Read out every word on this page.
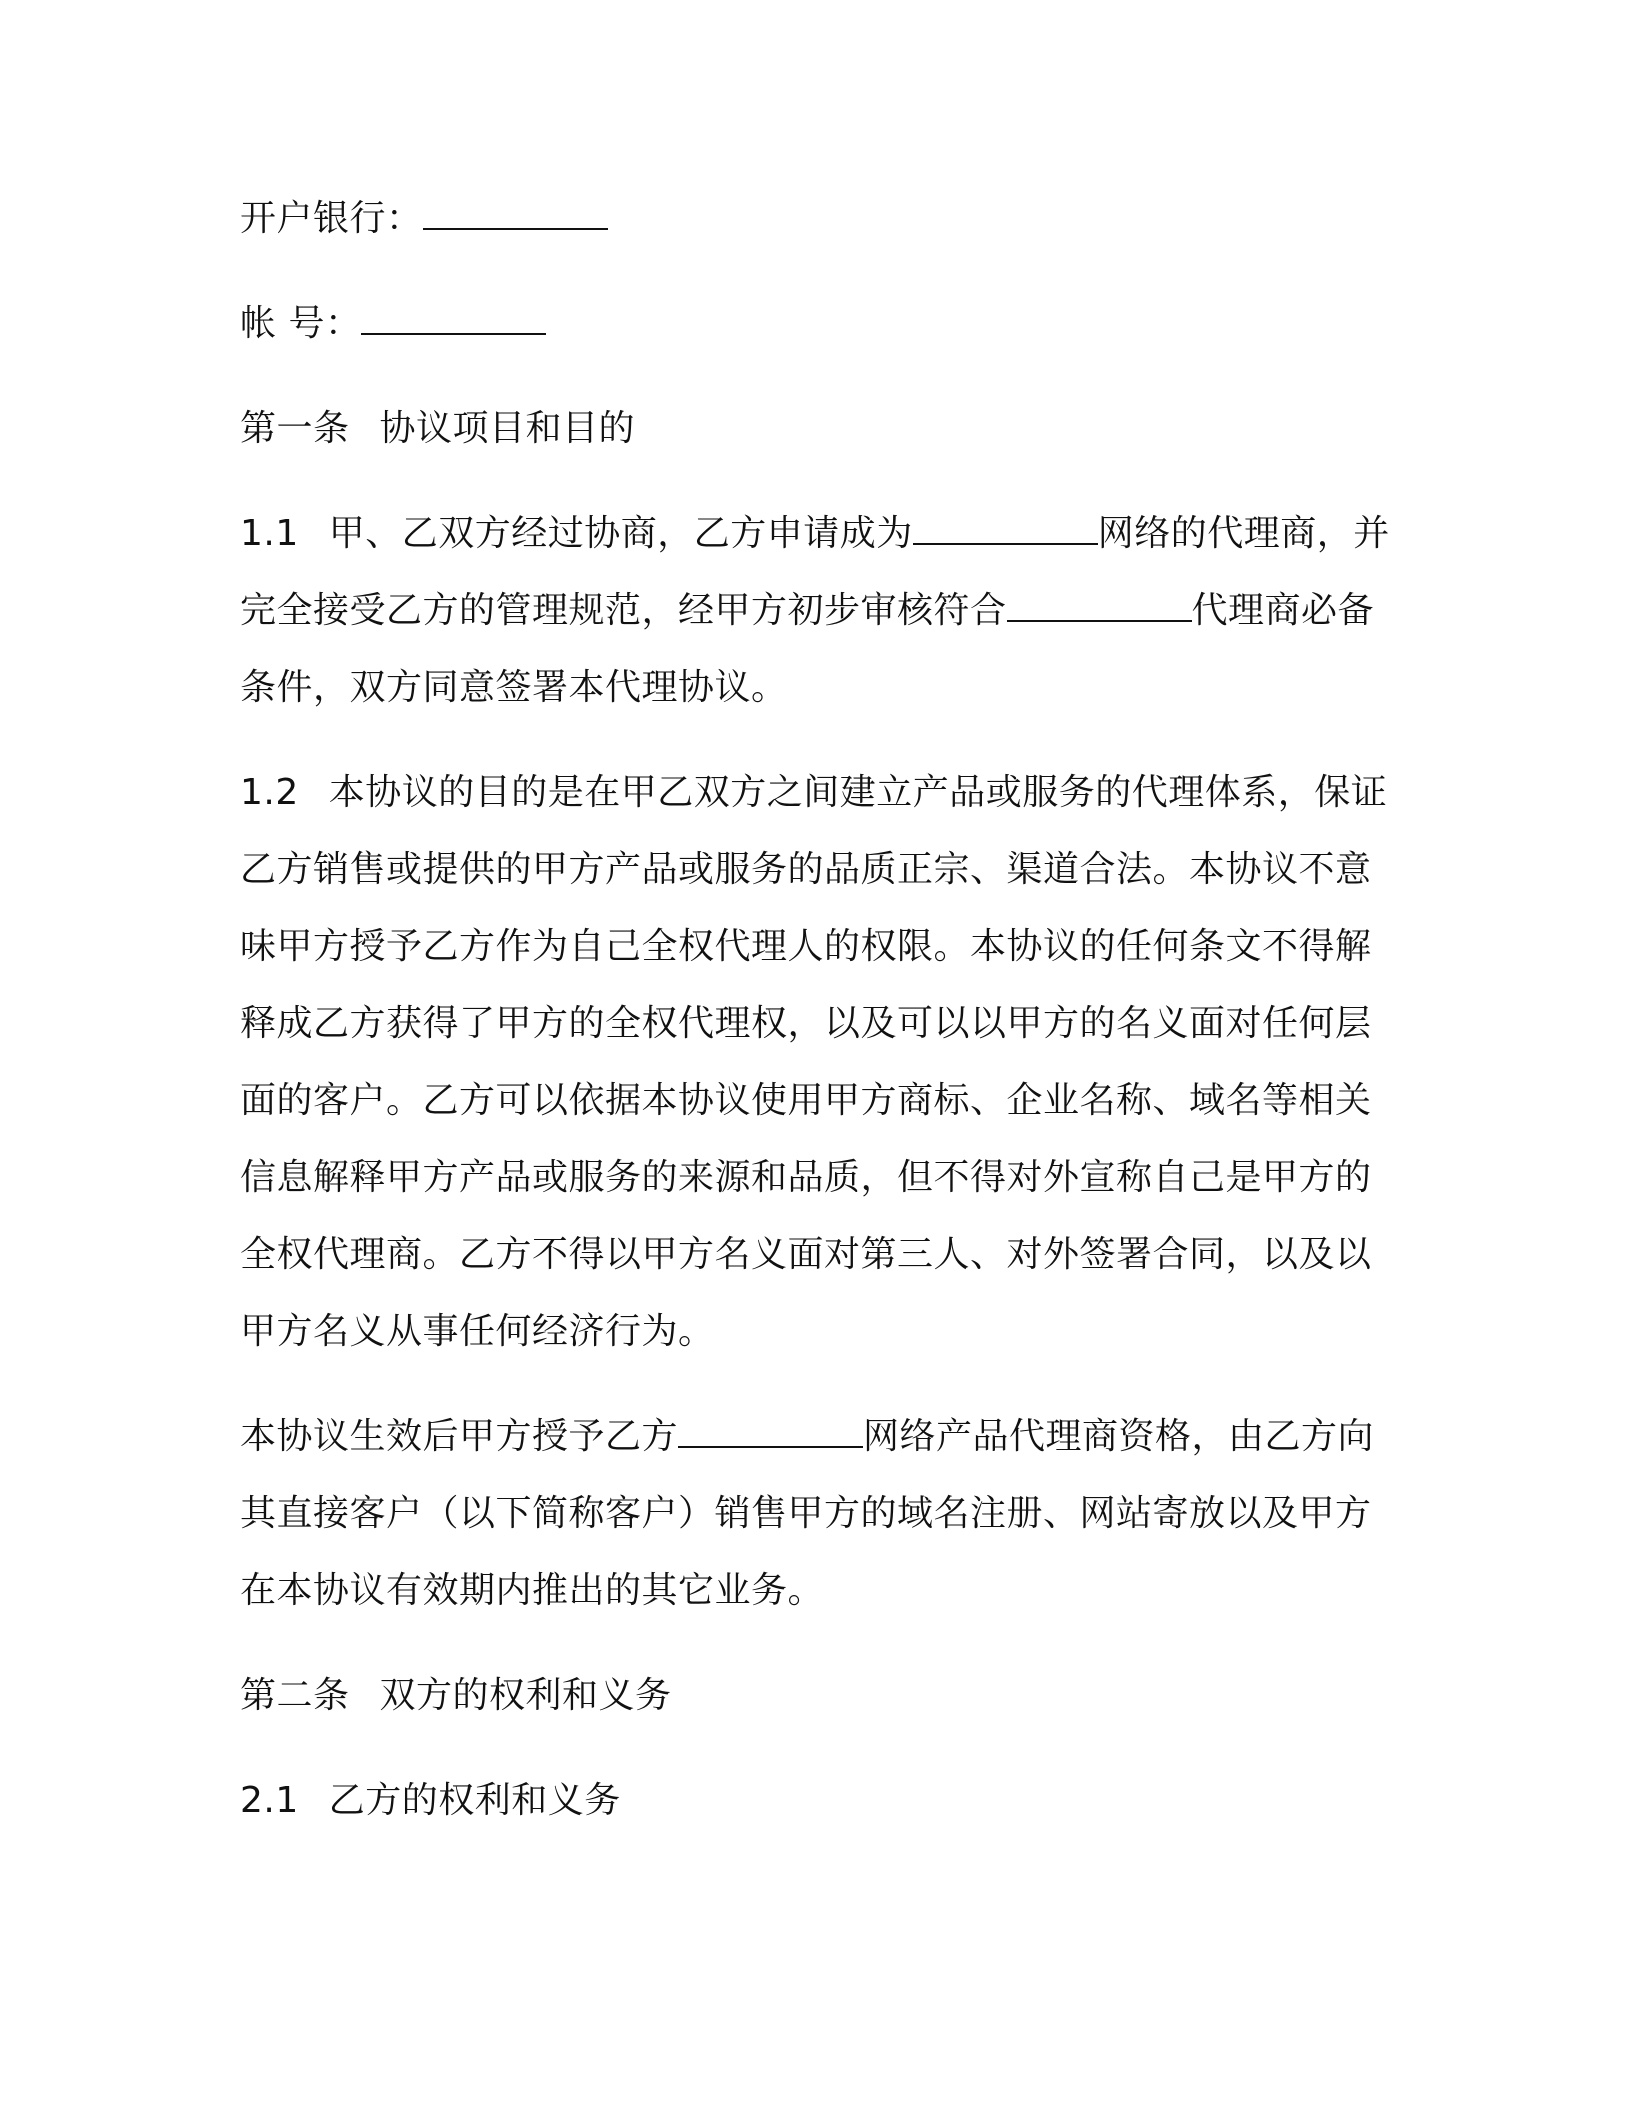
开户银行：

帐 号：

第一条 协议项目和目的

1.1 甲、乙双方经过协商，乙方申请成为	网络的代理商，并完全接受乙方的管理规范，经甲方初步审核符合	代理商必备条件，双方同意签署本代理协议。

1.2 本协议的目的是在甲乙双方之间建立产品或服务的代理体系，保证乙方销售或提供的甲方产品或服务的品质正宗、渠道合法。本协议不意味甲方授予乙方作为自己全权代理人的权限。本协议的任何条文不得解释成乙方获得了甲方的全权代理权，以及可以以甲方的名义面对任何层面的客户。乙方可以依据本协议使用甲方商标、企业名称、域名等相关信息解释甲方产品或服务的来源和品质，但不得对外宣称自己是甲方的全权代理商。乙方不得以甲方名义面对第三人、对外签署合同，以及以甲方名义从事任何经济行为。

本协议生效后甲方授予乙方	网络产品代理商资格，由乙方向其直接客户（以下简称客户）销售甲方的域名注册、网站寄放以及甲方在本协议有效期内推出的其它业务。

第二条 双方的权利和义务

2.1 乙方的权利和义务
